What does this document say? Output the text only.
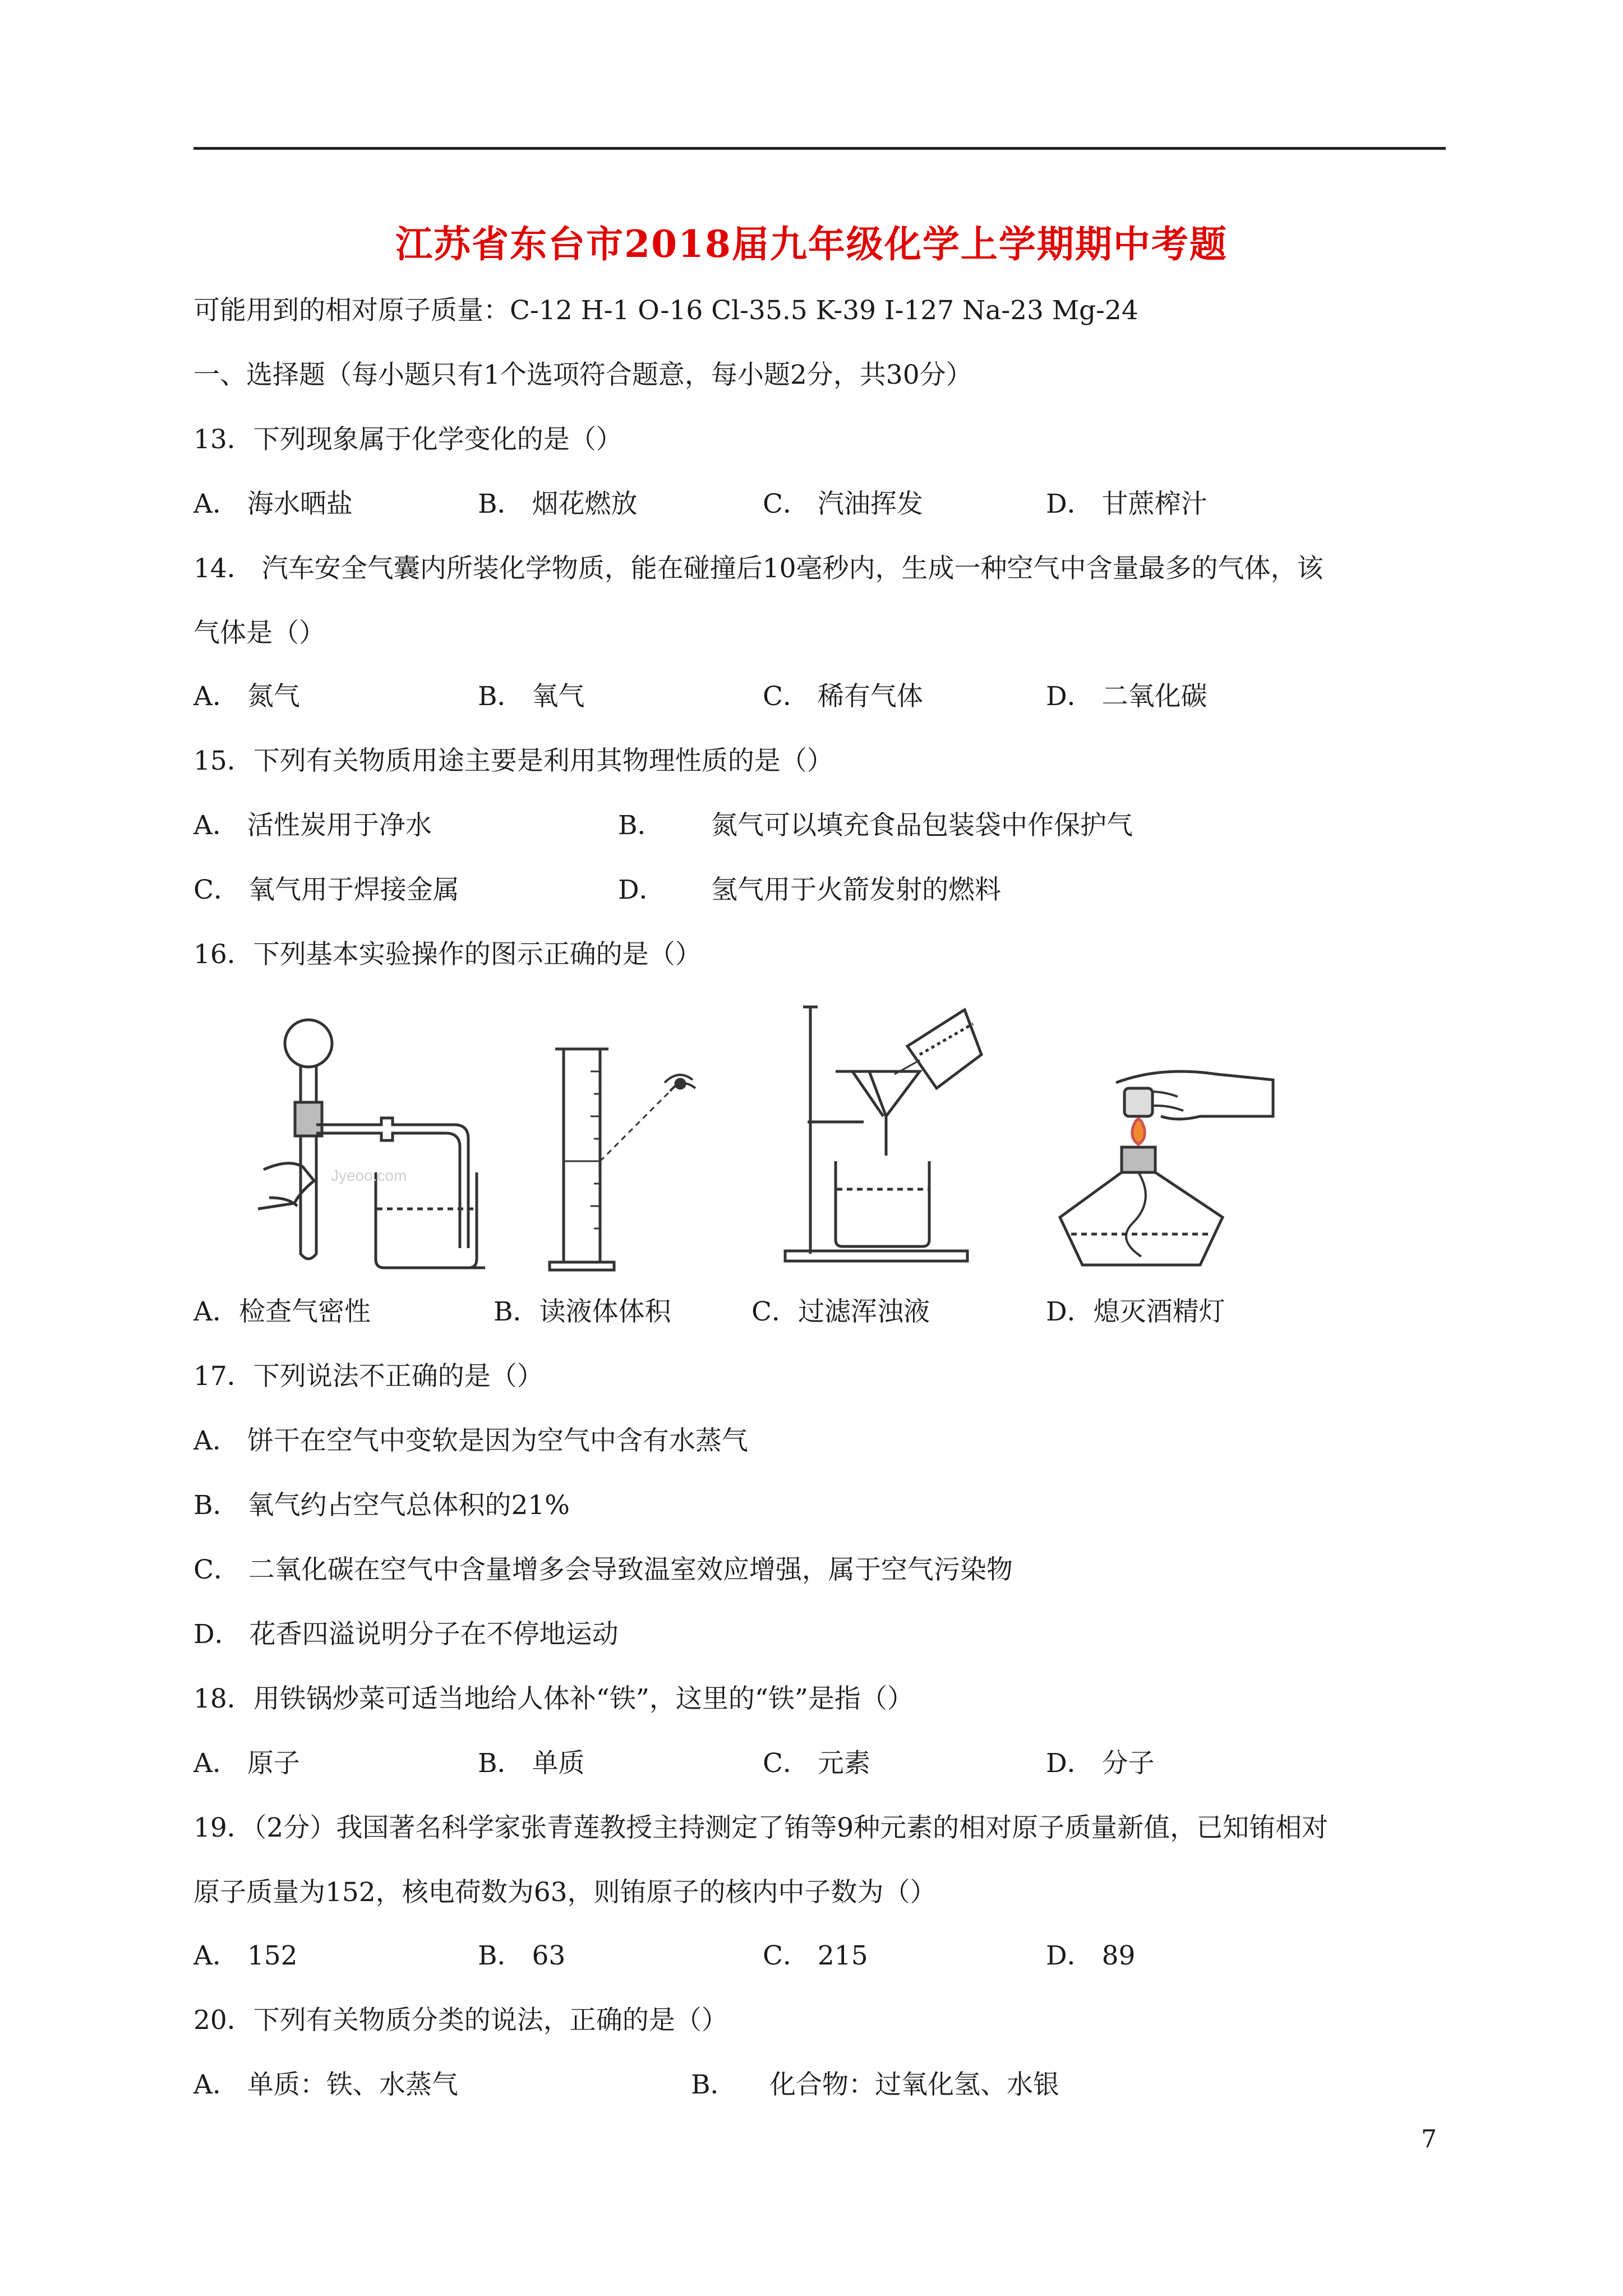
江苏省东台市2018届九年级化学上学期期中考题
可能用到的相对原子质量：C-12 H-1 O-16 Cl-35.5 K-39 I-127 Na-23 Mg-24
一、选择题（每小题只有1个选项符合题意，每小题2分，共30分）
13．下列现象属于化学变化的是（）
A． 海水晒盐	B． 烟花燃放	C． 汽油挥发	D． 甘蔗榨汁
14． 汽车安全气囊内所装化学物质，能在碰撞后10毫秒内，生成一种空气中含量最多的气体，该
气体是（）
A． 氮气	B． 氧气	C． 稀有气体	D． 二氧化碳
15．下列有关物质用途主要是利用其物理性质的是（）
A． 活性炭用于净水	B． 氮气可以填充食品包装袋中作保护气
C． 氧气用于焊接金属	D． 氢气用于火箭发射的燃料
16．下列基本实验操作的图示正确的是（）
Jyeoo.com
A．检查气密性	B．读液体体积	C．过滤浑浊液	D．熄灭酒精灯
17．下列说法不正确的是（）
A． 饼干在空气中变软是因为空气中含有水蒸气
B． 氧气约占空气总体积的21%
C． 二氧化碳在空气中含量增多会导致温室效应增强，属于空气污染物
D． 花香四溢说明分子在不停地运动
18．用铁锅炒菜可适当地给人体补“铁”，这里的“铁”是指（）
A． 原子	B． 单质	C． 元素	D． 分子
19．（2分）我国著名科学家张青莲教授主持测定了铕等9种元素的相对原子质量新值，已知铕相对
原子质量为152，核电荷数为63，则铕原子的核内中子数为（）
A． 152	B． 63	C． 215	D． 89
20．下列有关物质分类的说法，正确的是（）
A． 单质：铁、水蒸气	B． 化合物：过氧化氢、水银
7
